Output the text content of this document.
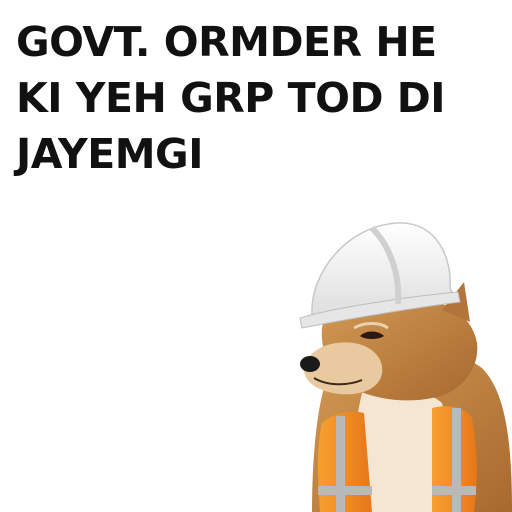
GOVT. ORMDER HE
KI YEH GRP TOD DI
JAYEMGI
